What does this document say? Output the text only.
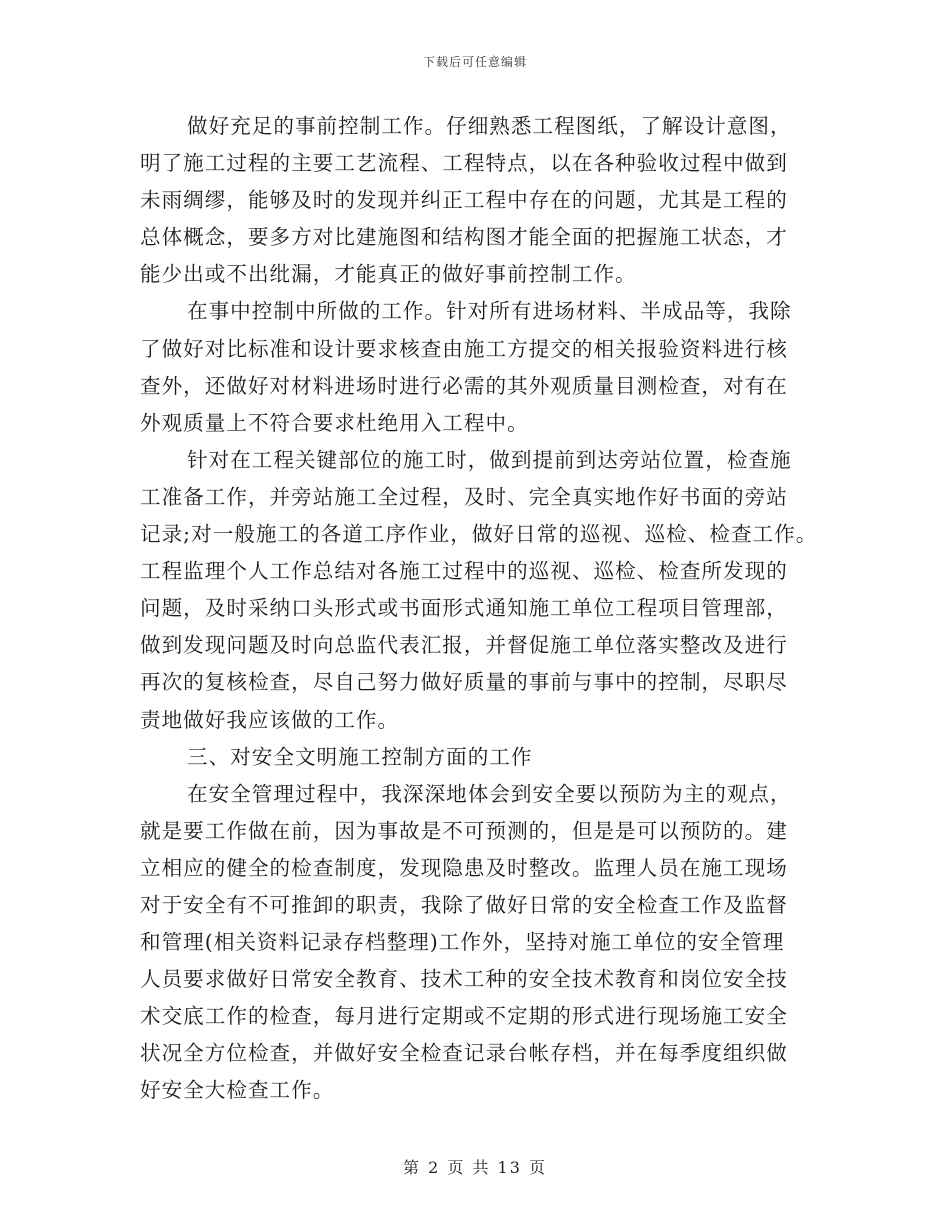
下载后可任意编辑
做好充足的事前控制工作。仔细熟悉工程图纸，了解设计意图，
明了施工过程的主要工艺流程、工程特点，以在各种验收过程中做到
未雨绸缪，能够及时的发现并纠正工程中存在的问题，尤其是工程的
总体概念，要多方对比建施图和结构图才能全面的把握施工状态，才
能少出或不出纰漏，才能真正的做好事前控制工作。
在事中控制中所做的工作。针对所有进场材料、半成品等，我除
了做好对比标准和设计要求核查由施工方提交的相关报验资料进行核
查外，还做好对材料进场时进行必需的其外观质量目测检查，对有在
外观质量上不符合要求杜绝用入工程中。
针对在工程关键部位的施工时，做到提前到达旁站位置，检查施
工准备工作，并旁站施工全过程，及时、完全真实地作好书面的旁站
记录;对一般施工的各道工序作业，做好日常的巡视、巡检、检查工作。
工程监理个人工作总结对各施工过程中的巡视、巡检、检查所发现的
问题，及时采纳口头形式或书面形式通知施工单位工程项目管理部，
做到发现问题及时向总监代表汇报，并督促施工单位落实整改及进行
再次的复核检查，尽自己努力做好质量的事前与事中的控制，尽职尽
责地做好我应该做的工作。
三、对安全文明施工控制方面的工作
在安全管理过程中，我深深地体会到安全要以预防为主的观点，
就是要工作做在前，因为事故是不可预测的，但是是可以预防的。建
立相应的健全的检查制度，发现隐患及时整改。监理人员在施工现场
对于安全有不可推卸的职责，我除了做好日常的安全检查工作及监督
和管理(相关资料记录存档整理)工作外，坚持对施工单位的安全管理
人员要求做好日常安全教育、技术工种的安全技术教育和岗位安全技
术交底工作的检查，每月进行定期或不定期的形式进行现场施工安全
状况全方位检查，并做好安全检查记录台帐存档，并在每季度组织做
好安全大检查工作。
第 2 页 共 13 页
